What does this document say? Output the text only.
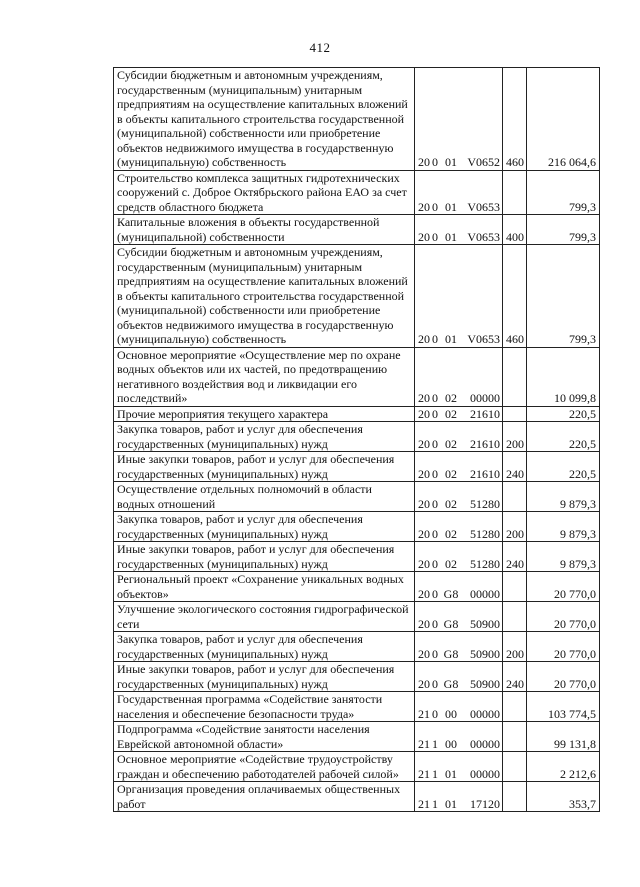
412
Субсидии бюджетным и автономным учреждениям, государственным (муниципальным) унитарным предприятиям на осуществление капитальных вложений в объекты капитального строительства государственной (муниципальной) собственности или приобретение объектов недвижимого имущества в государственную (муниципальную) собственность	20 0 01 V0652	460	216 064,6
Строительство комплекса защитных гидротехнических сооружений с. Доброе Октябрьского района ЕАО за счет средств областного бюджета	20 0 01 V0653		799,3
Капитальные вложения в объекты государственной (муниципальной) собственности	20 0 01 V0653	400	799,3
Субсидии бюджетным и автономным учреждениям, государственным (муниципальным) унитарным предприятиям на осуществление капитальных вложений в объекты капитального строительства государственной (муниципальной) собственности или приобретение объектов недвижимого имущества в государственную (муниципальную) собственность	20 0 01 V0653	460	799,3
Основное мероприятие «Осуществление мер по охране водных объектов или их частей, по предотвращению негативного воздействия вод и ликвидации его последствий»	20 0 02 00000		10 099,8
Прочие мероприятия текущего характера	20 0 02 21610		220,5
Закупка товаров, работ и услуг для обеспечения государственных (муниципальных) нужд	20 0 02 21610	200	220,5
Иные закупки товаров, работ и услуг для обеспечения государственных (муниципальных) нужд	20 0 02 21610	240	220,5
Осуществление отдельных полномочий в области водных отношений	20 0 02 51280		9 879,3
Закупка товаров, работ и услуг для обеспечения государственных (муниципальных) нужд	20 0 02 51280	200	9 879,3
Иные закупки товаров, работ и услуг для обеспечения государственных (муниципальных) нужд	20 0 02 51280	240	9 879,3
Региональный проект «Сохранение уникальных водных объектов»	20 0 G8 00000		20 770,0
Улучшение экологического состояния гидрографической сети	20 0 G8 50900		20 770,0
Закупка товаров, работ и услуг для обеспечения государственных (муниципальных) нужд	20 0 G8 50900	200	20 770,0
Иные закупки товаров, работ и услуг для обеспечения государственных (муниципальных) нужд	20 0 G8 50900	240	20 770,0
Государственная программа «Содействие занятости населения и обеспечение безопасности труда»	21 0 00 00000		103 774,5
Подпрограмма «Содействие занятости населения Еврейской автономной области»	21 1 00 00000		99 131,8
Основное мероприятие «Содействие трудоустройству граждан и обеспечению работодателей рабочей силой»	21 1 01 00000		2 212,6
Организация проведения оплачиваемых общественных работ	21 1 01 17120		353,7
